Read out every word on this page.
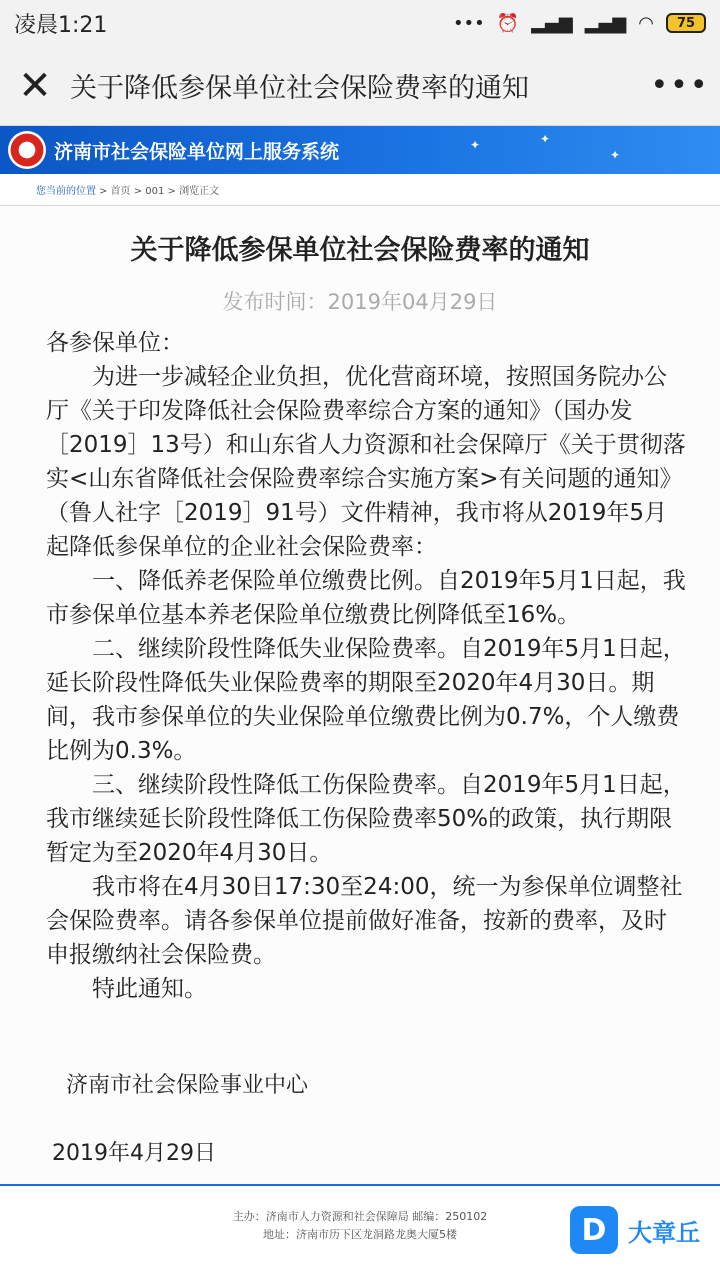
凌晨1:21	••• ⏰ ▂▄▆ ▂▄▆ ◠	75
✕ 关于降低参保单位社会保险费率的通知	•••
济南市社会保险单位网上服务系统	✦	✦
✦
您当前的位置 > 首页 > 001 > 浏览正文
关于降低参保单位社会保险费率的通知
发布时间：2019年04月29日

各参保单位：

为进一步减轻企业负担，优化营商环境，按照国务院办公厅《关于印发降低社会保险费率综合方案的通知》（国办发［2019］13号）和山东省人力资源和社会保障厅《关于贯彻落实<山东省降低社会保险费率综合实施方案>有关问题的通知》（鲁人社字［2019］91号）文件精神，我市将从2019年5月起降低参保单位的企业社会保险费率：

一、降低养老保险单位缴费比例。自2019年5月1日起，我市参保单位基本养老保险单位缴费比例降低至16%。

二、继续阶段性降低失业保险费率。自2019年5月1日起，延长阶段性降低失业保险费率的期限至2020年4月30日。期间，我市参保单位的失业保险单位缴费比例为0.7%，个人缴费比例为0.3%。

三、继续阶段性降低工伤保险费率。自2019年5月1日起，我市继续延长阶段性降低工伤保险费率50%的政策，执行期限暂定为至2020年4月30日。

我市将在4月30日17:30至24:00，统一为参保单位调整社会保险费率。请各参保单位提前做好准备，按新的费率，及时申报缴纳社会保险费。

特此通知。

济南市社会保险事业中心
2019年4月29日
主办：济南市人力资源和社会保障局 邮编：250102
地址：济南市历下区龙洞路龙奥大厦5楼	D 大章丘
